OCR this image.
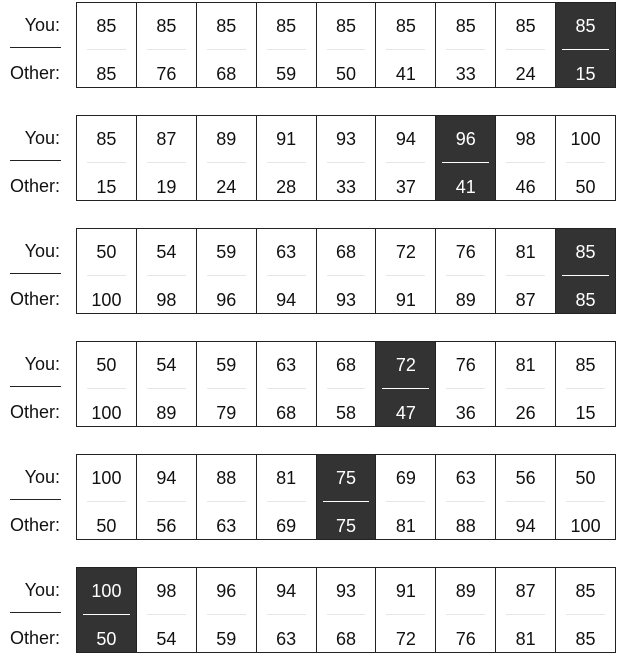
You:
Other:
85
85
85
76
85
68
85
59
85
50
85
41
85
33
85
24
85
15
You:
Other:
85
15
87
19
89
24
91
28
93
33
94
37
96
41
98
46
100
50
You:
Other:
50
100
54
98
59
96
63
94
68
93
72
91
76
89
81
87
85
85
You:
Other:
50
100
54
89
59
79
63
68
68
58
72
47
76
36
81
26
85
15
You:
Other:
100
50
94
56
88
63
81
69
75
75
69
81
63
88
56
94
50
100
You:
Other:
100
50
98
54
96
59
94
63
93
68
91
72
89
76
87
81
85
85
